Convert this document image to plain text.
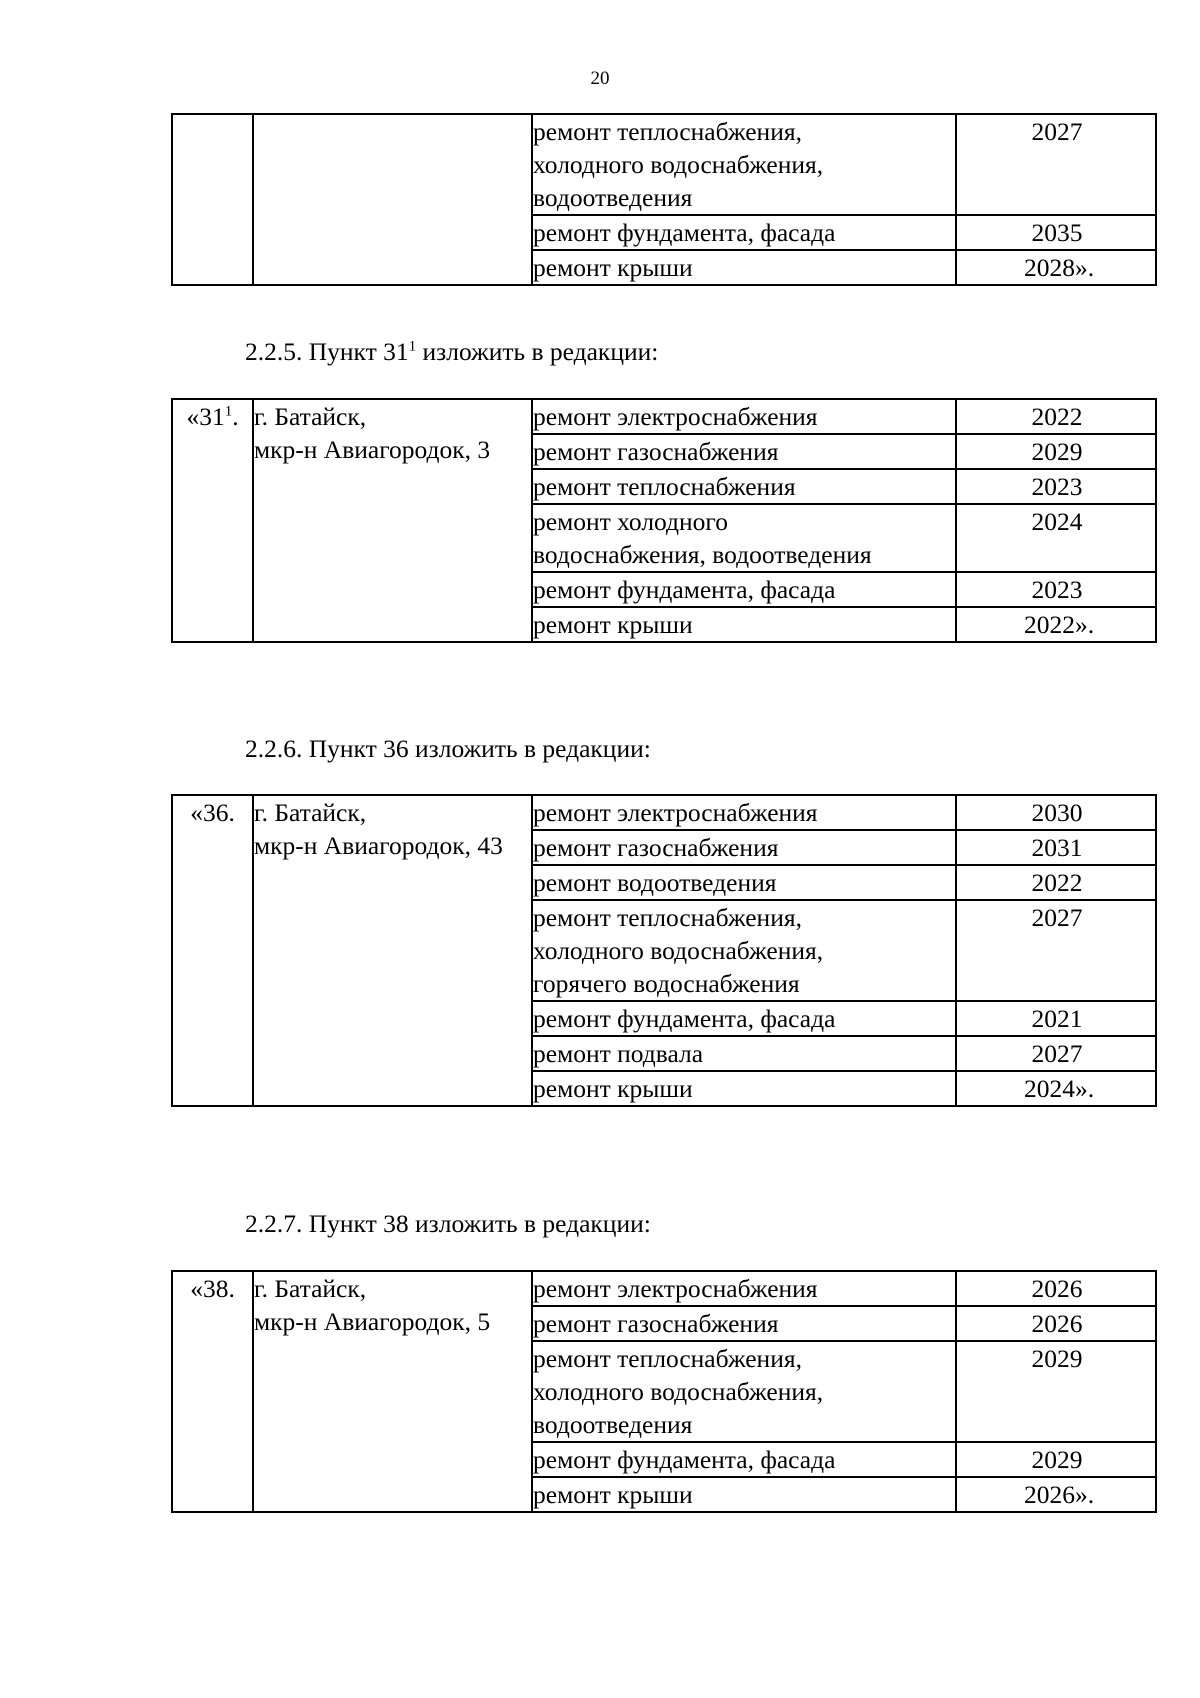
20
		ремонт теплоснабжения,
холодного водоснабжения,
водоотведения	2027

		ремонт фундамента, фасада	2035

		ремонт крыши	2028».
2.2.5. Пункт $31^1$ изложить в редакции:
«$31^1$.	г. Батайск,
мкр-н Авиагородок, 3	ремонт электроснабжения	2022

		ремонт газоснабжения	2029

		ремонт теплоснабжения	2023

		ремонт холодного
водоснабжения, водоотведения	2024

		ремонт фундамента, фасада	2023

		ремонт крыши	2022».
2.2.6. Пункт 36 изложить в редакции:
«36.	г. Батайск,
мкр-н Авиагородок, 43	ремонт электроснабжения	2030

		ремонт газоснабжения	2031

		ремонт водоотведения	2022

		ремонт теплоснабжения,
холодного водоснабжения,
горячего водоснабжения	2027

		ремонт фундамента, фасада	2021

		ремонт подвала	2027

		ремонт крыши	2024».
2.2.7. Пункт 38 изложить в редакции:
«38.	г. Батайск,
мкр-н Авиагородок, 5	ремонт электроснабжения	2026

		ремонт газоснабжения	2026

		ремонт теплоснабжения,
холодного водоснабжения,
водоотведения	2029

		ремонт фундамента, фасада	2029

		ремонт крыши	2026».
